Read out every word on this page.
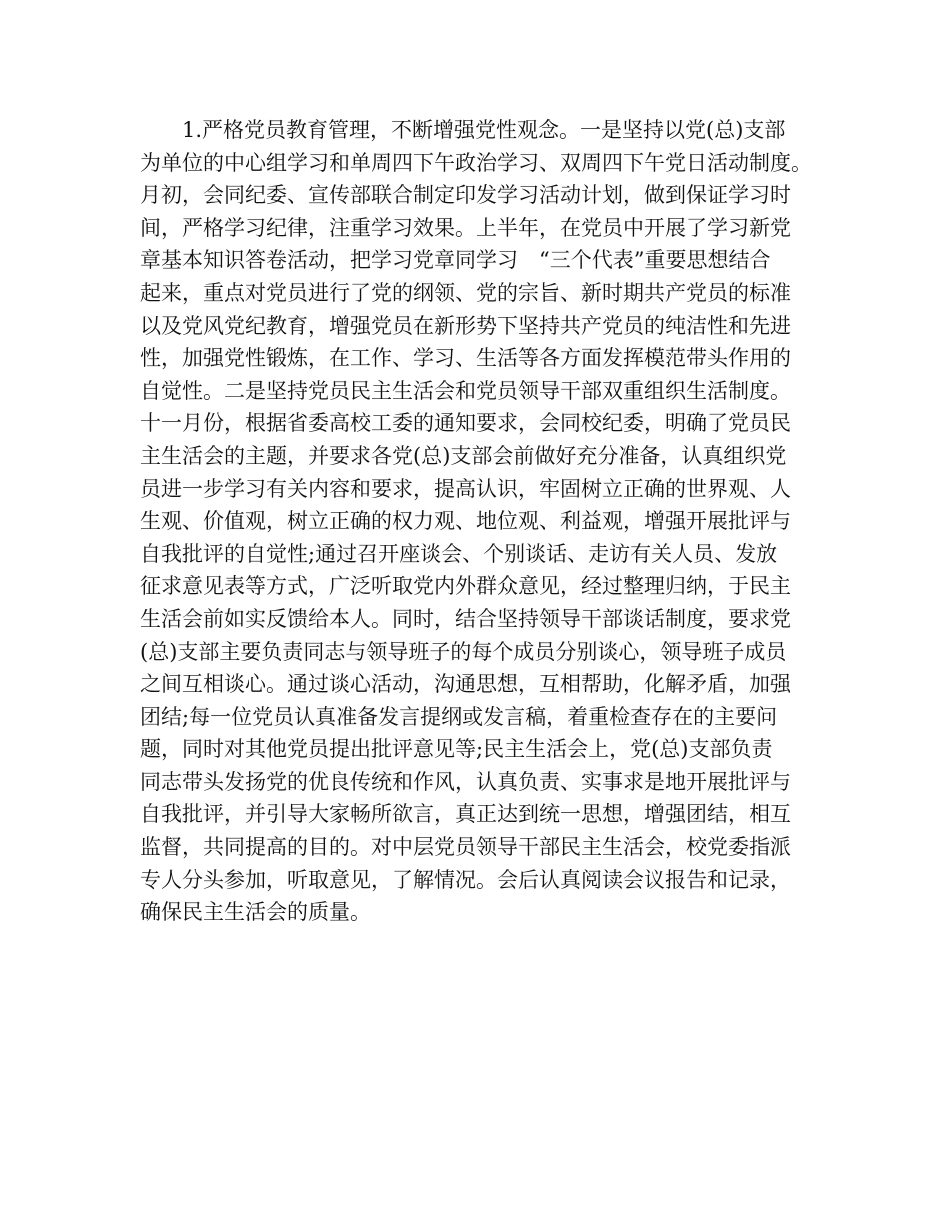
1.严格党员教育管理，不断增强党性观念。一是坚持以党(总)支部
为单位的中心组学习和单周四下午政治学习、双周四下午党日活动制度。
月初，会同纪委、宣传部联合制定印发学习活动计划，做到保证学习时
间，严格学习纪律，注重学习效果。上半年，在党员中开展了学习新党
章基本知识答卷活动，把学习党章同学习　“三个代表”重要思想结合
起来，重点对党员进行了党的纲领、党的宗旨、新时期共产党员的标准
以及党风党纪教育，增强党员在新形势下坚持共产党员的纯洁性和先进
性，加强党性锻炼，在工作、学习、生活等各方面发挥模范带头作用的
自觉性。二是坚持党员民主生活会和党员领导干部双重组织生活制度。
十一月份，根据省委高校工委的通知要求，会同校纪委，明确了党员民
主生活会的主题，并要求各党(总)支部会前做好充分准备，认真组织党
员进一步学习有关内容和要求，提高认识，牢固树立正确的世界观、人
生观、价值观，树立正确的权力观、地位观、利益观，增强开展批评与
自我批评的自觉性;通过召开座谈会、个别谈话、走访有关人员、发放
征求意见表等方式，广泛听取党内外群众意见，经过整理归纳，于民主
生活会前如实反馈给本人。同时，结合坚持领导干部谈话制度，要求党
(总)支部主要负责同志与领导班子的每个成员分别谈心，领导班子成员
之间互相谈心。通过谈心活动，沟通思想，互相帮助，化解矛盾，加强
团结;每一位党员认真准备发言提纲或发言稿，着重检查存在的主要问
题，同时对其他党员提出批评意见等;民主生活会上，党(总)支部负责
同志带头发扬党的优良传统和作风，认真负责、实事求是地开展批评与
自我批评，并引导大家畅所欲言，真正达到统一思想，增强团结，相互
监督，共同提高的目的。对中层党员领导干部民主生活会，校党委指派
专人分头参加，听取意见，了解情况。会后认真阅读会议报告和记录，
确保民主生活会的质量。
